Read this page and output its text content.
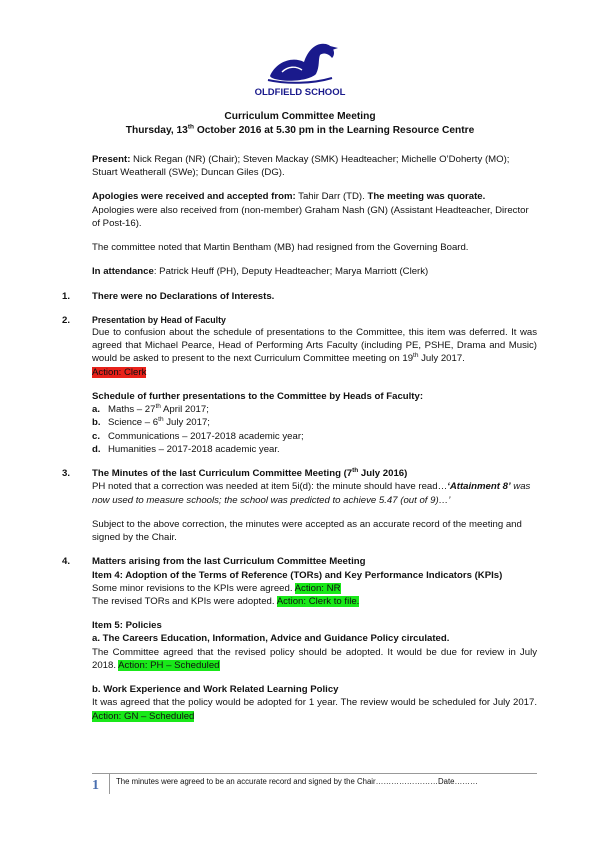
OLDFIELD SCHOOL
Curriculum Committee Meeting
Thursday, 13th October 2016 at 5.30 pm in the Learning Resource Centre

Present: Nick Regan (NR) (Chair); Steven Mackay (SMK) Headteacher; Michelle O’Doherty (MO); Stuart Weatherall (SWe); Duncan Giles (DG).

Apologies were received and accepted from: Tahir Darr (TD). The meeting was quorate.

Apologies were also received from (non-member) Graham Nash (GN) (Assistant Headteacher, Director of Post-16).

The committee noted that Martin Bentham (MB) had resigned from the Governing Board.

In attendance: Patrick Heuff (PH), Deputy Headteacher; Marya Marriott (Clerk)

1. There were no Declarations of Interests.
2. Presentation by Head of Faculty

Due to confusion about the schedule of presentations to the Committee, this item was deferred. It was agreed that Michael Pearce, Head of Performing Arts Faculty (including PE, PSHE, Drama and Music) would be asked to present to the next Curriculum Committee meeting on 19th July 2017.

Action: Clerk

Schedule of further presentations to the Committee by Heads of Faculty:
a. Maths – 27th April 2017;
b. Science – 6th July 2017;
c. Communications – 2017-2018 academic year;
d. Humanities – 2017-2018 academic year.
3. The Minutes of the last Curriculum Committee Meeting (7th July 2016)

PH noted that a correction was needed at item 5i(d): the minute should have read…‘Attainment 8’ was now used to measure schools; the school was predicted to achieve 5.47 (out of 9)…’

Subject to the above correction, the minutes were accepted as an accurate record of the meeting and signed by the Chair.

4. Matters arising from the last Curriculum Committee Meeting
Item 4: Adoption of the Terms of Reference (TORs) and Key Performance Indicators (KPIs)

Some minor revisions to the KPIs were agreed. Action: NR

The revised TORs and KPIs were adopted. Action: Clerk to file.

Item 5: Policies
a. The Careers Education, Information, Advice and Guidance Policy circulated.

The Committee agreed that the revised policy should be adopted. It would be due for review in July 2018. Action: PH – Scheduled

b. Work Experience and Work Related Learning Policy

It was agreed that the policy would be adopted for 1 year. The review would be scheduled for July 2017. Action: GN – Scheduled

1 The minutes were agreed to be an accurate record and signed by the Chair……………………Date………
